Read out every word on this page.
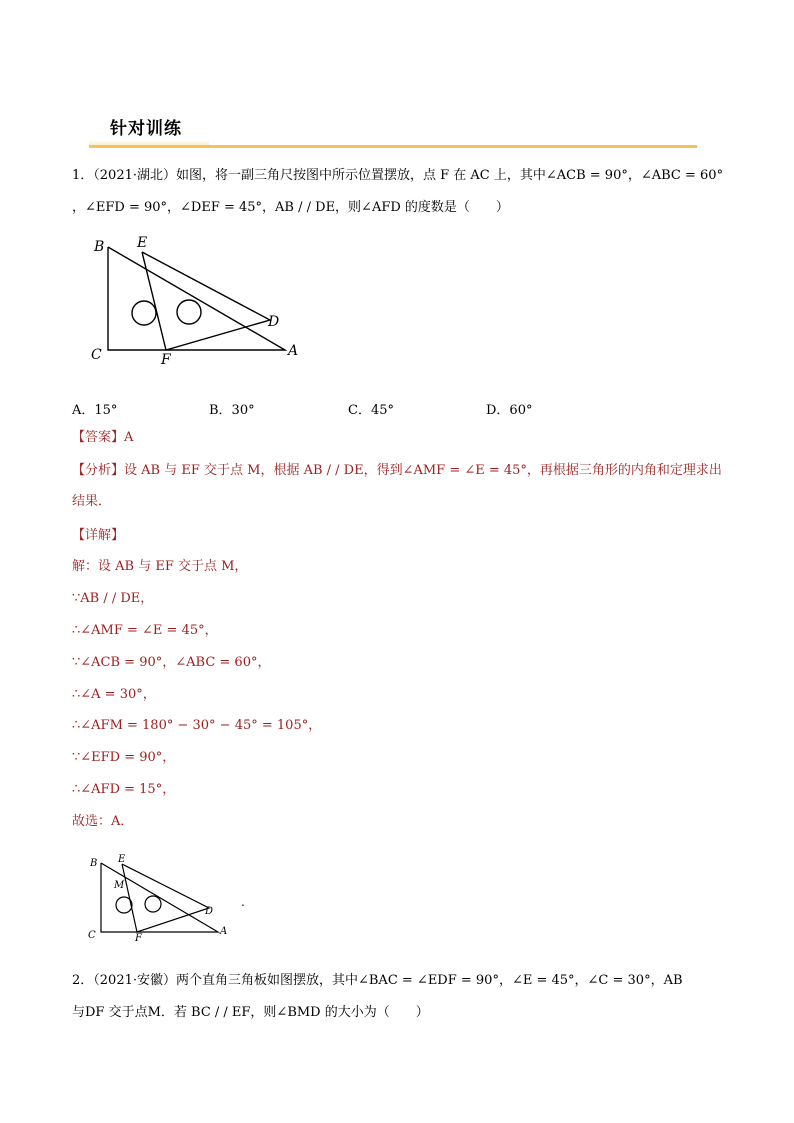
针对训练
1．（2021·湖北）如图，将一副三角尺按图中所示位置摆放，点 F 在 AC 上，其中∠ACB = 90°，∠ABC = 60°
，∠EFD = 90°，∠DEF = 45°，AB / / DE，则∠AFD 的度数是（　　）
B E
D
C	F
A
A．15°	B．30°	C．45°	D．60°
【答案】A
【分析】设 AB 与 EF 交于点 M，根据 AB / / DE，得到∠AMF = ∠E = 45°，再根据三角形的内角和定理求出
结果．
【详解】
解：设 AB 与 EF 交于点 M，
∵AB / / DE，
∴∠AMF = ∠E = 45°，
∵∠ACB = 90°，∠ABC = 60°，
∴∠A = 30°，
∴∠AFM = 180° − 30° − 45° = 105°，
∵∠EFD = 90°，
∴∠AFD = 15°，
故选：A．
B E
M
D
C	F
A
.
2．（2021·安徽）两个直角三角板如图摆放，其中∠BAC = ∠EDF = 90°，∠E = 45°，∠C = 30°，AB
与DF 交于点M．若 BC / / EF，则∠BMD 的大小为（　　）
